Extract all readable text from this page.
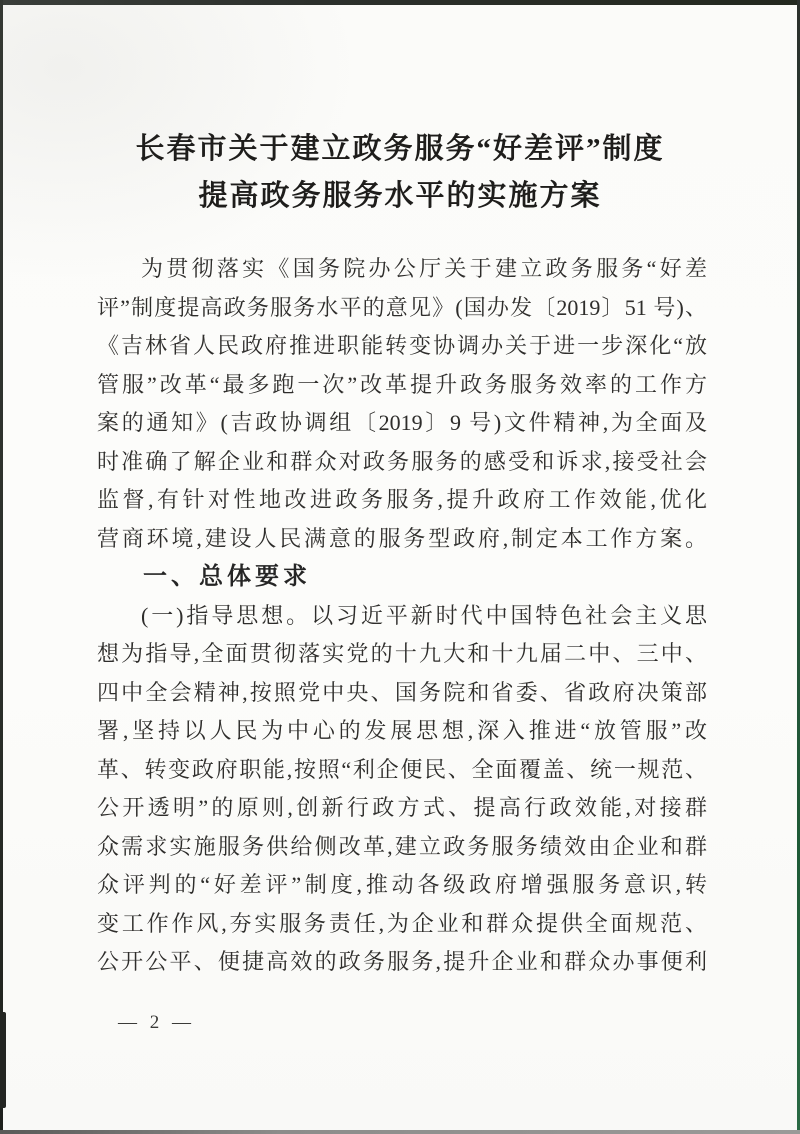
长春市关于建立政务服务“好差评”制度
提高政务服务水平的实施方案
为贯彻落实《国务院办公厅关于建立政务服务“好差
评”制度提高政务服务水平的意见》(国办发〔2019〕51 号)、
《吉林省人民政府推进职能转变协调办关于进一步深化“放
管服”改革“最多跑一次”改革提升政务服务效率的工作方
案的通知》(吉政协调组〔2019〕9 号)文件精神,为全面及
时准确了解企业和群众对政务服务的感受和诉求,接受社会
监督,有针对性地改进政务服务,提升政府工作效能,优化
营商环境,建设人民满意的服务型政府,制定本工作方案。
一、总体要求
(一)指导思想。以习近平新时代中国特色社会主义思
想为指导,全面贯彻落实党的十九大和十九届二中、三中、
四中全会精神,按照党中央、国务院和省委、省政府决策部
署,坚持以人民为中心的发展思想,深入推进“放管服”改
革、转变政府职能,按照“利企便民、全面覆盖、统一规范、
公开透明”的原则,创新行政方式、提高行政效能,对接群
众需求实施服务供给侧改革,建立政务服务绩效由企业和群
众评判的“好差评”制度,推动各级政府增强服务意识,转
变工作作风,夯实服务责任,为企业和群众提供全面规范、
公开公平、便捷高效的政务服务,提升企业和群众办事便利
— 2 —
